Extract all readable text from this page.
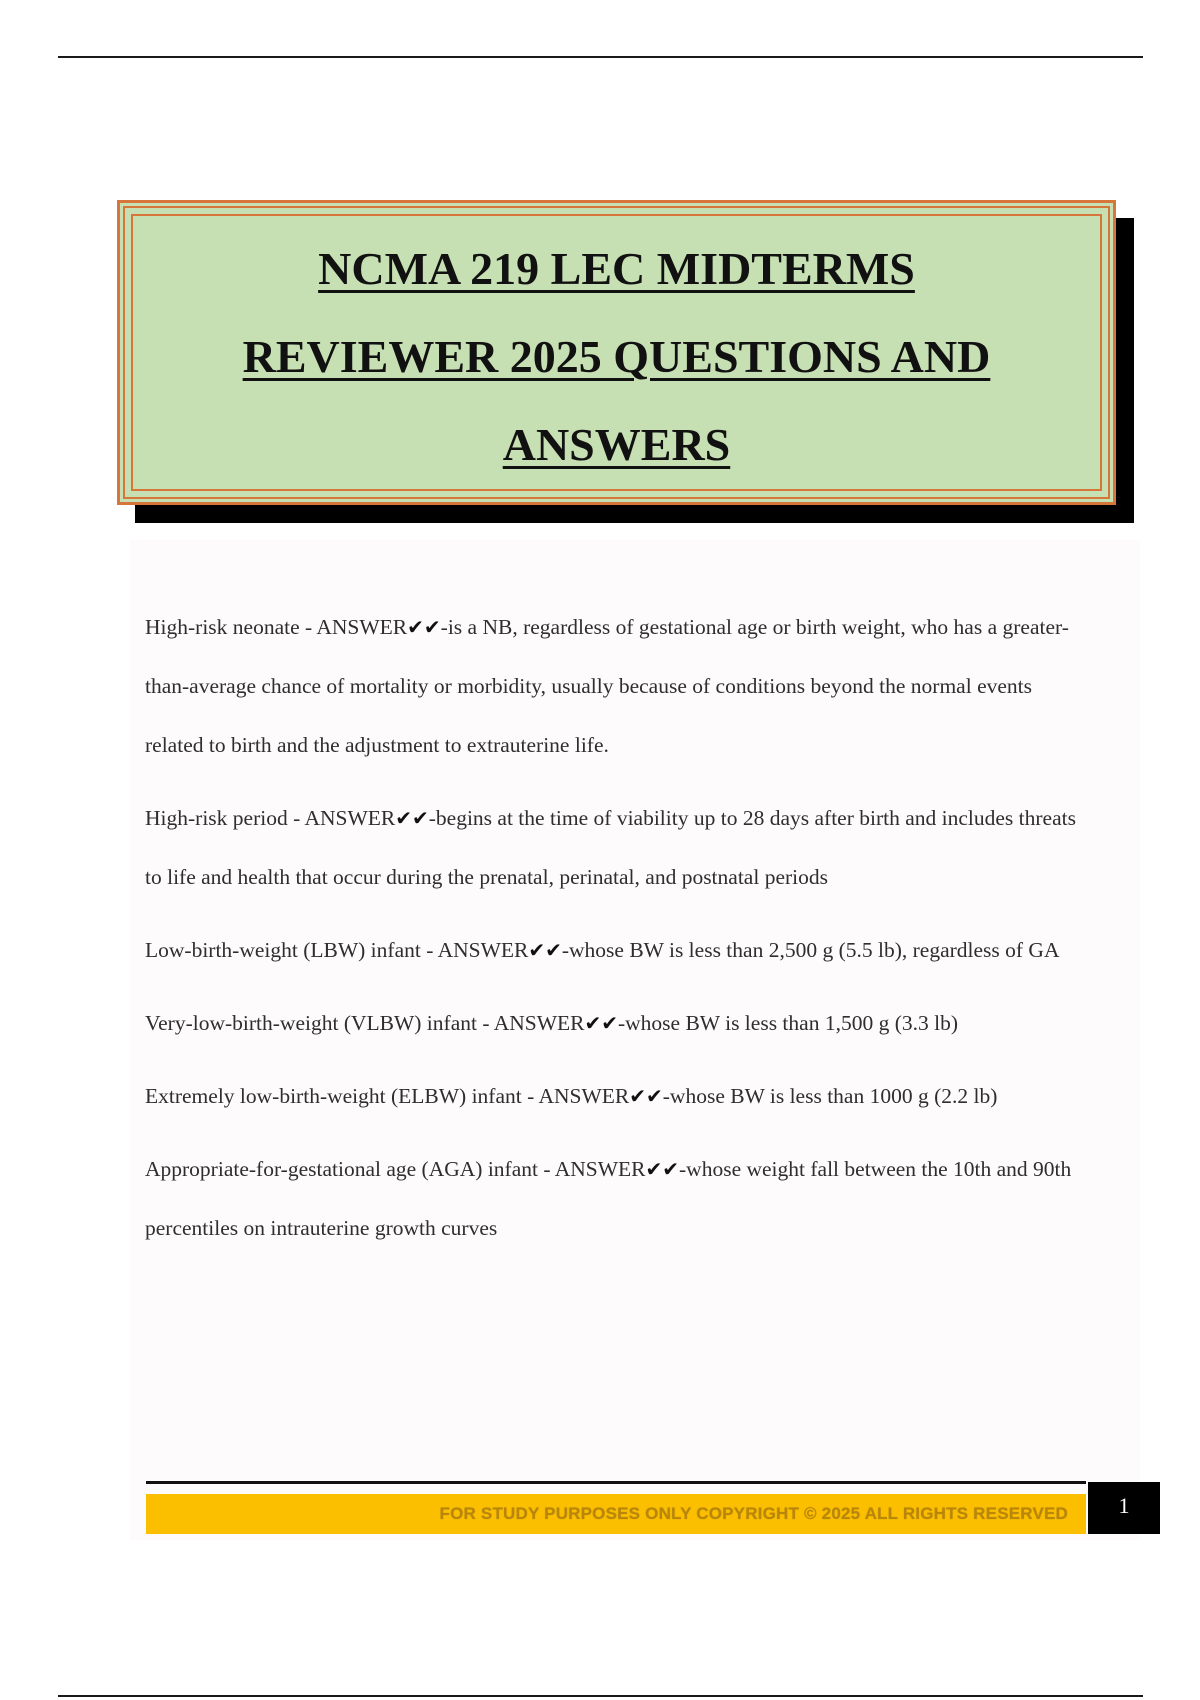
NCMA 219 LEC MIDTERMS
REVIEWER 2025 QUESTIONS AND
ANSWERS

High-risk neonate - ANSWER✔✔-is a NB, regardless of gestational age or birth weight, who has a greater-than-average chance of mortality or morbidity, usually because of conditions beyond the normal events related to birth and the adjustment to extrauterine life.

High-risk period - ANSWER✔✔-begins at the time of viability up to 28 days after birth and includes threats to life and health that occur during the prenatal, perinatal, and postnatal periods

Low-birth-weight (LBW) infant - ANSWER✔✔-whose BW is less than 2,500 g (5.5 lb), regardless of GA

Very-low-birth-weight (VLBW) infant - ANSWER✔✔-whose BW is less than 1,500 g (3.3 lb)

Extremely low-birth-weight (ELBW) infant - ANSWER✔✔-whose BW is less than 1000 g (2.2 lb)

Appropriate-for-gestational age (AGA) infant - ANSWER✔✔-whose weight fall between the 10th and 90th percentiles on intrauterine growth curves

FOR STUDY PURPOSES ONLY COPYRIGHT © 2025 ALL RIGHTS RESERVED	1
